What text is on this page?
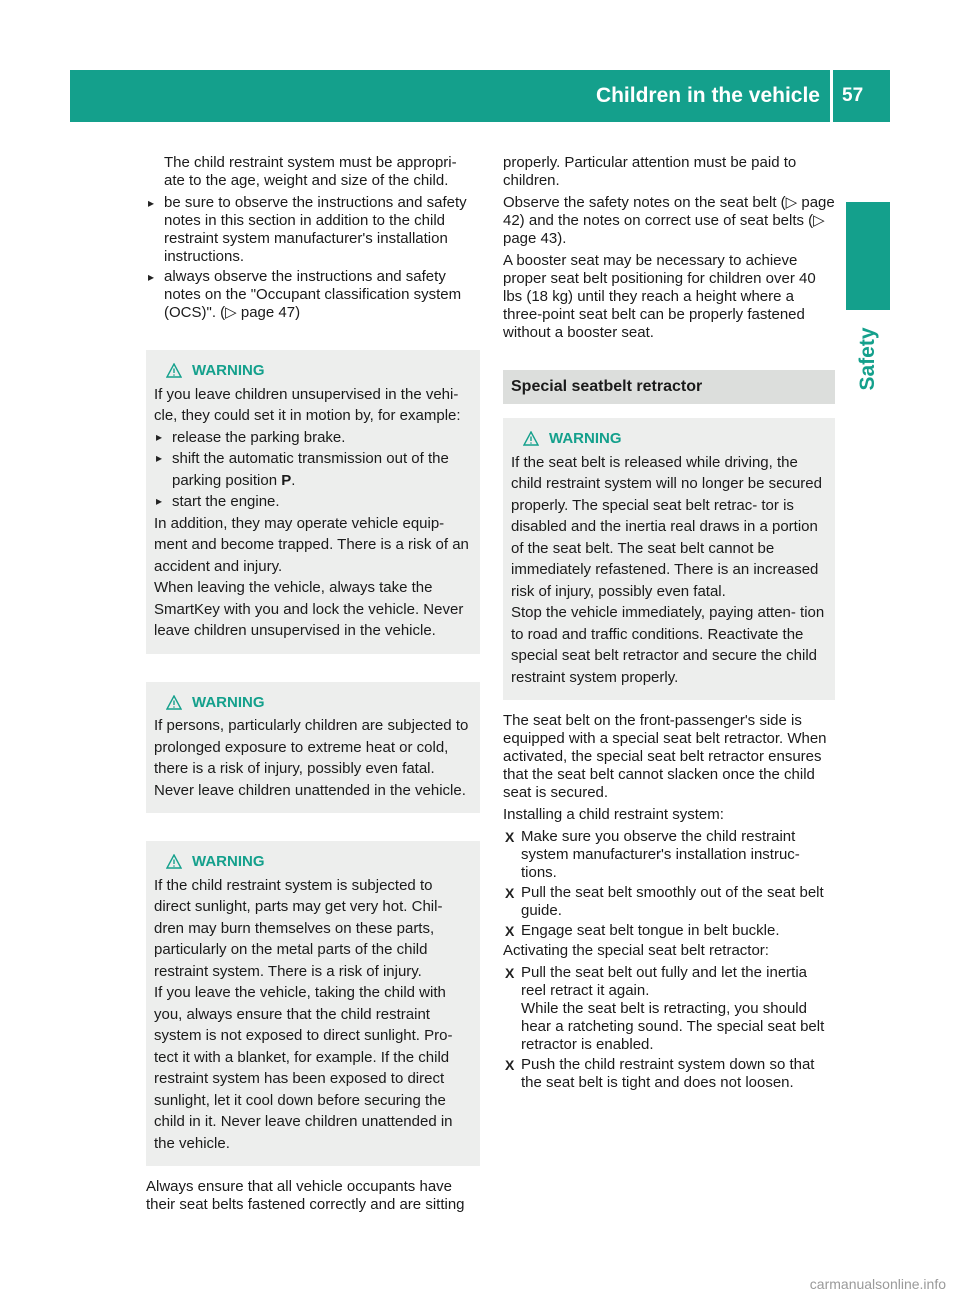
Children in the vehicle 57
Safety

The child restraint system must be appropri- ate to the age, weight and size of the child.

▸ be sure to observe the instructions and safety notes in this section in addition to the child restraint system manufacturer's installation instructions.
▸ always observe the instructions and safety notes on the "Occupant classification system (OCS)". (▷ page 47)
WARNING

If you leave children unsupervised in the vehi- cle, they could set it in motion by, for example:

▸ release the parking brake.
▸ shift the automatic transmission out of the parking position P.
▸ start the engine.

In addition, they may operate vehicle equip- ment and become trapped. There is a risk of an accident and injury.

When leaving the vehicle, always take the SmartKey with you and lock the vehicle. Never leave children unsupervised in the vehicle.

WARNING

If persons, particularly children are subjected to prolonged exposure to extreme heat or cold, there is a risk of injury, possibly even fatal. Never leave children unattended in the vehicle.

WARNING

If the child restraint system is subjected to direct sunlight, parts may get very hot. Chil- dren may burn themselves on these parts, particularly on the metal parts of the child restraint system. There is a risk of injury.

If you leave the vehicle, taking the child with you, always ensure that the child restraint system is not exposed to direct sunlight. Pro- tect it with a blanket, for example. If the child restraint system has been exposed to direct sunlight, let it cool down before securing the child in it. Never leave children unattended in the vehicle.

Always ensure that all vehicle occupants have their seat belts fastened correctly and are sitting

properly. Particular attention must be paid to children.

Observe the safety notes on the seat belt (▷ page 42) and the notes on correct use of seat belts (▷ page 43).

A booster seat may be necessary to achieve proper seat belt positioning for children over 40 lbs (18 kg) until they reach a height where a three-point seat belt can be properly fastened without a booster seat.

Special seatbelt retractor
WARNING

If the seat belt is released while driving, the child restraint system will no longer be secured properly. The special seat belt retrac- tor is disabled and the inertia real draws in a portion of the seat belt. The seat belt cannot be immediately refastened. There is an increased risk of injury, possibly even fatal.

Stop the vehicle immediately, paying atten- tion to road and traffic conditions. Reactivate the special seat belt retractor and secure the child restraint system properly.

The seat belt on the front-passenger's side is equipped with a special seat belt retractor. When activated, the special seat belt retractor ensures that the seat belt cannot slacken once the child seat is secured.

Installing a child restraint system:

X Make sure you observe the child restraint system manufacturer's installation instruc- tions.
X Pull the seat belt smoothly out of the seat belt guide.
X Engage seat belt tongue in belt buckle.

Activating the special seat belt retractor:

X Pull the seat belt out fully and let the inertia reel retract it again.
While the seat belt is retracting, you should hear a ratcheting sound. The special seat belt retractor is enabled.
X Push the child restraint system down so that the seat belt is tight and does not loosen.
carmanualsonline.info
